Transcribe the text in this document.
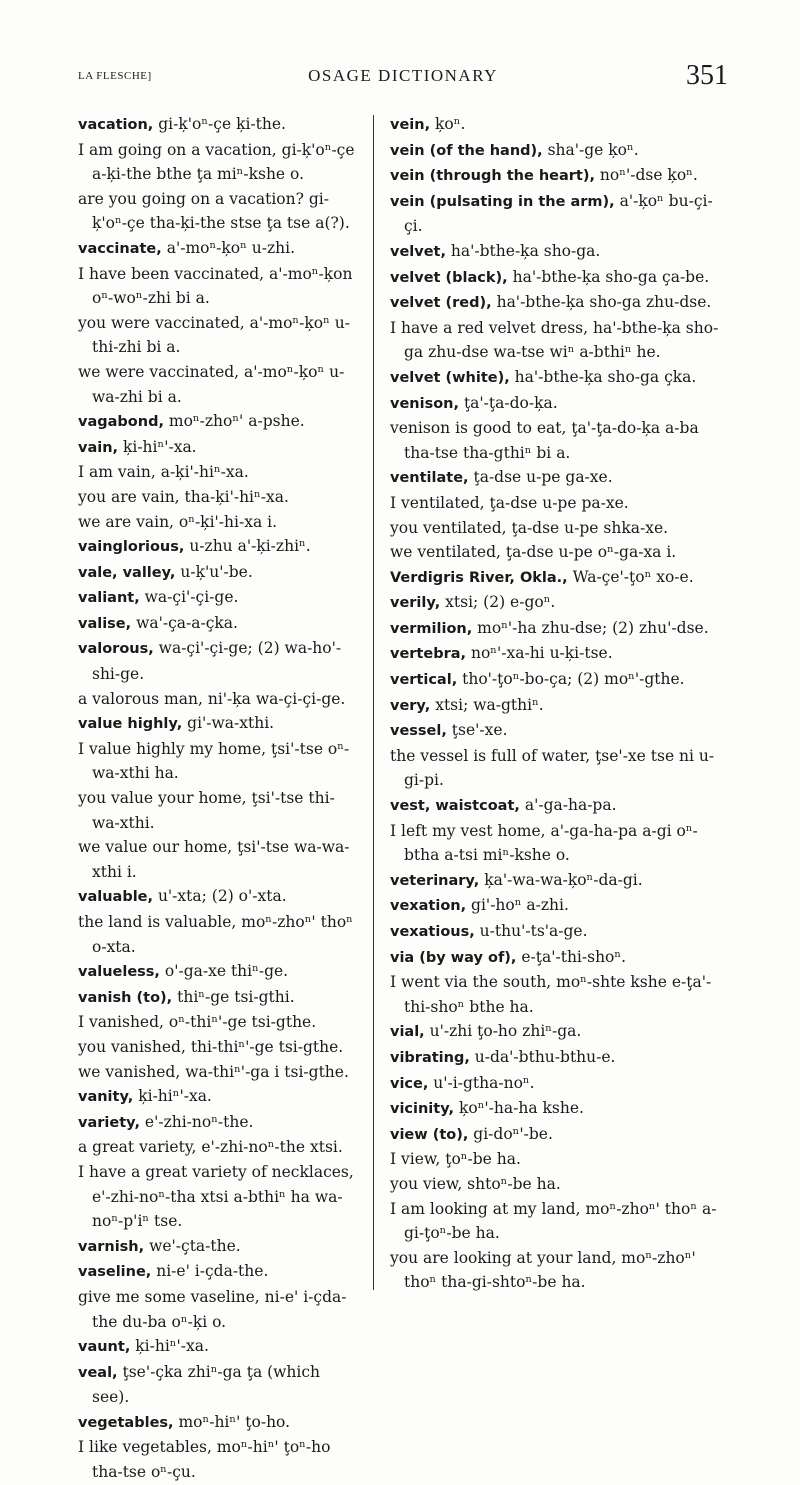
LA FLESCHE]	OSAGE DICTIONARY	351

vacation, gi-ķ'oⁿ-çe ķi-the.

I am going on a vacation, gi-ķ'oⁿ-çe a-ķi-the bthe ţa miⁿ-kshe o.

are you going on a vacation? gi-ķ'oⁿ-çe tha-ķi-the stse ţa tse a(?).

vaccinate, a'-moⁿ-ķoⁿ u-zhi.

I have been vaccinated, a'-moⁿ-ķon oⁿ-woⁿ-zhi bi a.

you were vaccinated, a'-moⁿ-ķoⁿ u-thi-zhi bi a.

we were vaccinated, a'-moⁿ-ķoⁿ u-wa-zhi bi a.

vagabond, moⁿ-zhoⁿ' a-pshe.

vain, ķi-hiⁿ'-xa.

I am vain, a-ķi'-hiⁿ-xa.

you are vain, tha-ķi'-hiⁿ-xa.

we are vain, oⁿ-ķi'-hi-xa i.

vainglorious, u-zhu a'-ķi-zhiⁿ.

vale, valley, u-ķ'u'-be.

valiant, wa-çi'-çi-ge.

valise, wa'-ça-a-çka.

valorous, wa-çi'-çi-ge; (2) wa-ho'-shi-ge.

a valorous man, ni'-ķa wa-çi-çi-ge.

value highly, gi'-wa-xthi.

I value highly my home, ţsi'-tse oⁿ-wa-xthi ha.

you value your home, ţsi'-tse thi-wa-xthi.

we value our home, ţsi'-tse wa-wa-xthi i.

valuable, u'-xta; (2) o'-xta.

the land is valuable, moⁿ-zhoⁿ' thoⁿ o-xta.

valueless, o'-ga-xe thiⁿ-ge.

vanish (to), thiⁿ-ge tsi-gthi.

I vanished, oⁿ-thiⁿ'-ge tsi-gthe.

you vanished, thi-thiⁿ'-ge tsi-gthe.

we vanished, wa-thiⁿ'-ga i tsi-gthe.

vanity, ķi-hiⁿ'-xa.

variety, e'-zhi-noⁿ-the.

a great variety, e'-zhi-noⁿ-the xtsi.

I have a great variety of necklaces, e'-zhi-noⁿ-tha xtsi a-bthiⁿ ha wa-noⁿ-p'iⁿ tse.

varnish, we'-çta-the.

vaseline, ni-e' i-çda-the.

give me some vaseline, ni-e' i-çda-the du-ba oⁿ-ķi o.

vaunt, ķi-hiⁿ'-xa.

veal, ţse'-çka zhiⁿ-ga ţa (which see).

vegetables, moⁿ-hiⁿ' ţo-ho.

I like vegetables, moⁿ-hiⁿ' ţoⁿ-ho tha-tse oⁿ-çu.

vein, ķoⁿ.

vein (of the hand), sha'-ge ķoⁿ.

vein (through the heart), noⁿ'-dse ķoⁿ.

vein (pulsating in the arm), a'-ķoⁿ bu-çi-çi.

velvet, ha'-bthe-ķa sho-ga.

velvet (black), ha'-bthe-ķa sho-ga ça-be.

velvet (red), ha'-bthe-ķa sho-ga zhu-dse.

I have a red velvet dress, ha'-bthe-ķa sho-ga zhu-dse wa-tse wiⁿ a-bthiⁿ he.

velvet (white), ha'-bthe-ķa sho-ga çka.

venison, ţa'-ţa-do-ķa.

venison is good to eat, ţa'-ţa-do-ķa a-ba tha-tse tha-gthiⁿ bi a.

ventilate, ţa-dse u-pe ga-xe.

I ventilated, ţa-dse u-pe pa-xe.

you ventilated, ţa-dse u-pe shka-xe.

we ventilated, ţa-dse u-pe oⁿ-ga-xa i.

Verdigris River, Okla., Wa-çe'-ţoⁿ xo-e.

verily, xtsi; (2) e-goⁿ.

vermilion, moⁿ'-ha zhu-dse; (2) zhu'-dse.

vertebra, noⁿ'-xa-hi u-ķi-tse.

vertical, tho'-ţoⁿ-bo-ça; (2) moⁿ'-gthe.

very, xtsi; wa-gthiⁿ.

vessel, ţse'-xe.

the vessel is full of water, ţse'-xe tse ni u-gi-pi.

vest, waistcoat, a'-ga-ha-pa.

I left my vest home, a'-ga-ha-pa a-gi oⁿ-btha a-tsi miⁿ-kshe o.

veterinary, ķa'-wa-wa-ķoⁿ-da-gi.

vexation, gi'-hoⁿ a-zhi.

vexatious, u-thu'-ts'a-ge.

via (by way of), e-ţa'-thi-shoⁿ.

I went via the south, moⁿ-shte kshe e-ţa'-thi-shoⁿ bthe ha.

vial, u'-zhi ţo-ho zhiⁿ-ga.

vibrating, u-da'-bthu-bthu-e.

vice, u'-i-gtha-noⁿ.

vicinity, ķoⁿ'-ha-ha kshe.

view (to), gi-doⁿ'-be.

I view, ţoⁿ-be ha.

you view, shtoⁿ-be ha.

I am looking at my land, moⁿ-zhoⁿ' thoⁿ a-gi-ţoⁿ-be ha.

you are looking at your land, moⁿ-zhoⁿ' thoⁿ tha-gi-shtoⁿ-be ha.
